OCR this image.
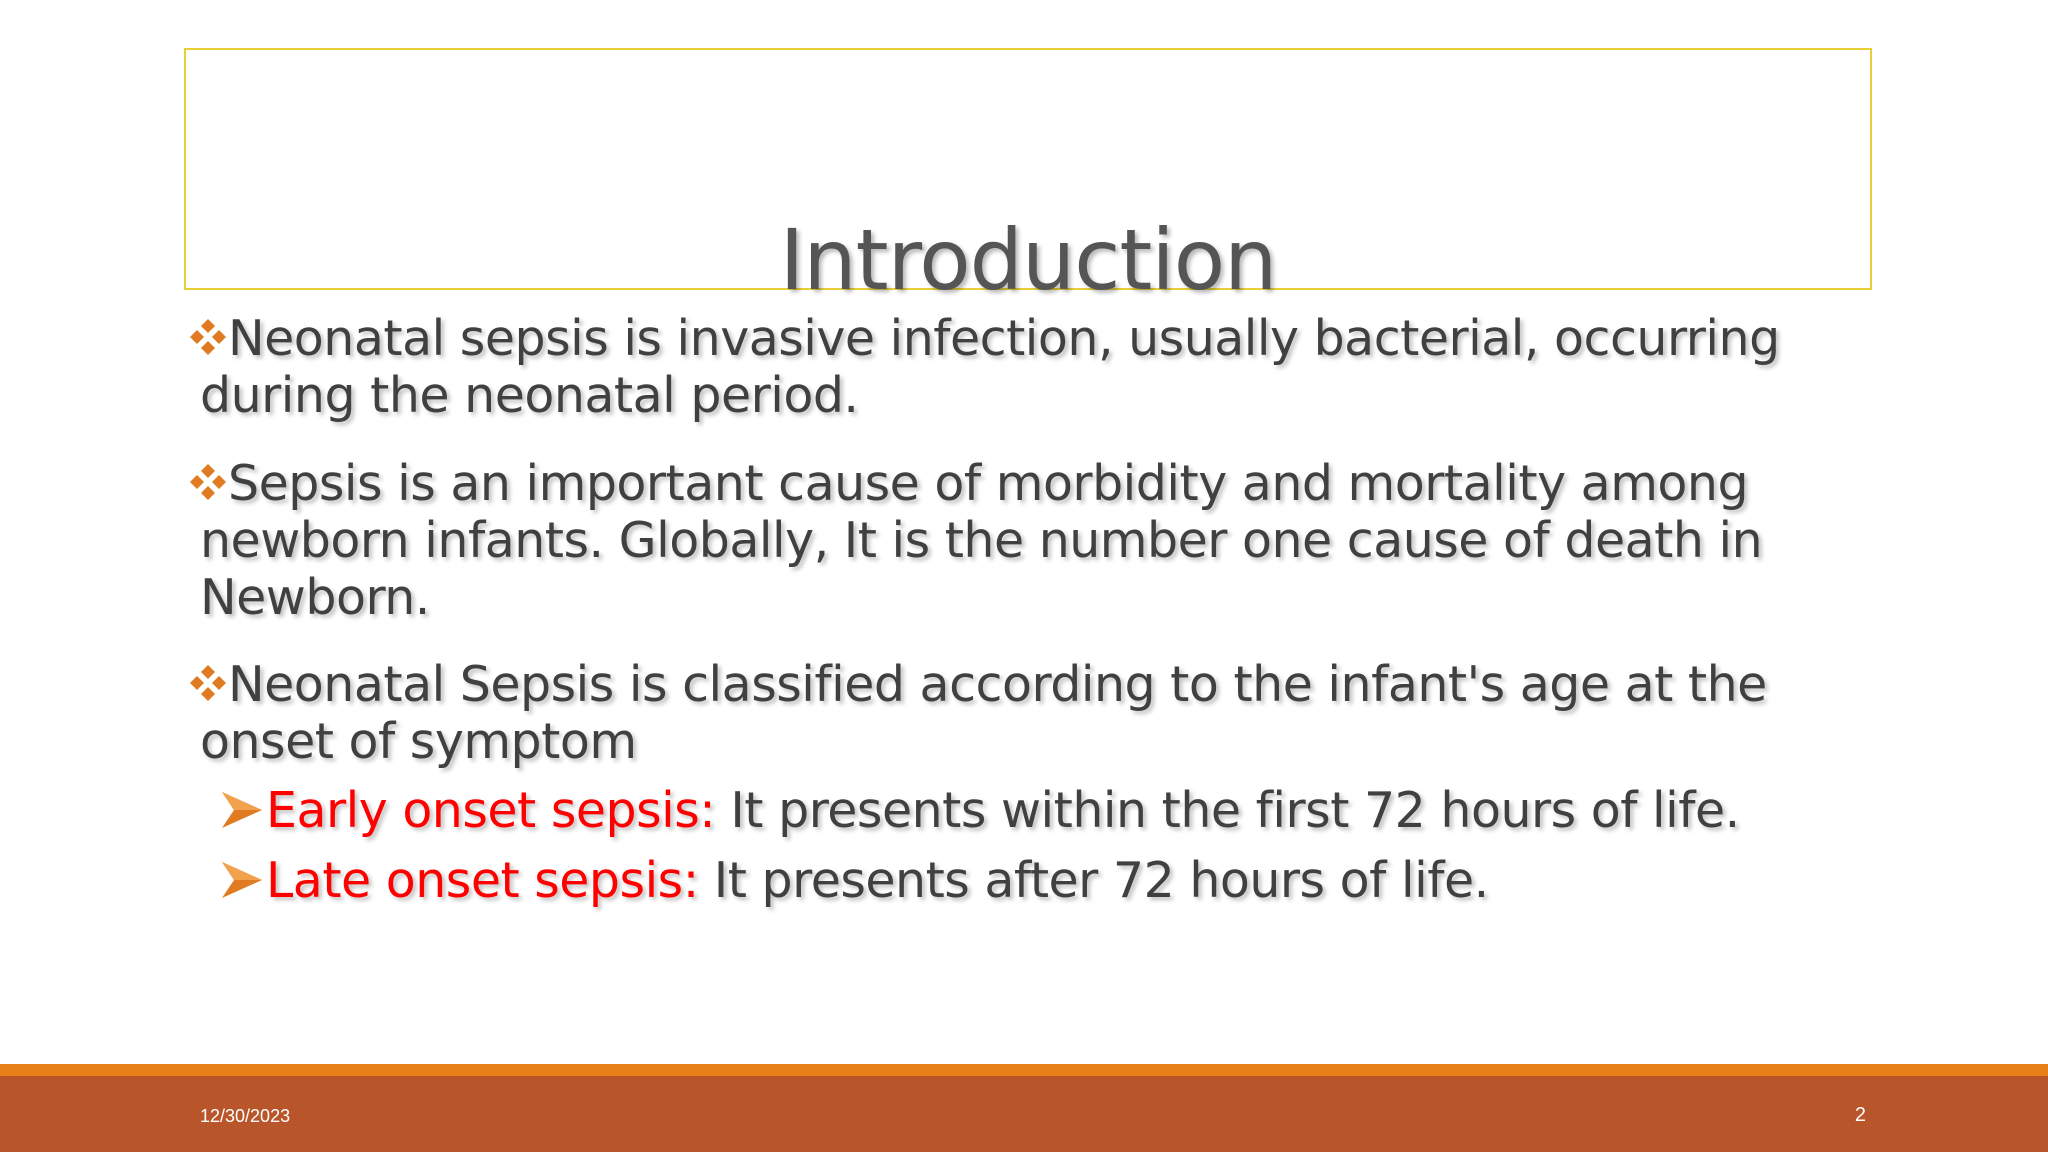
Introduction
Neonatal sepsis is invasive infection, usually bacterial, occurring during the neonatal period.
Sepsis is an important cause of morbidity and mortality among newborn infants. Globally, It is the number one cause of death in Newborn.
Neonatal Sepsis is classified according to the infant's age at the onset of symptom
Early onset sepsis: It presents within the first 72 hours of life.
Late onset sepsis: It presents after 72 hours of life.
12/30/2023	2
